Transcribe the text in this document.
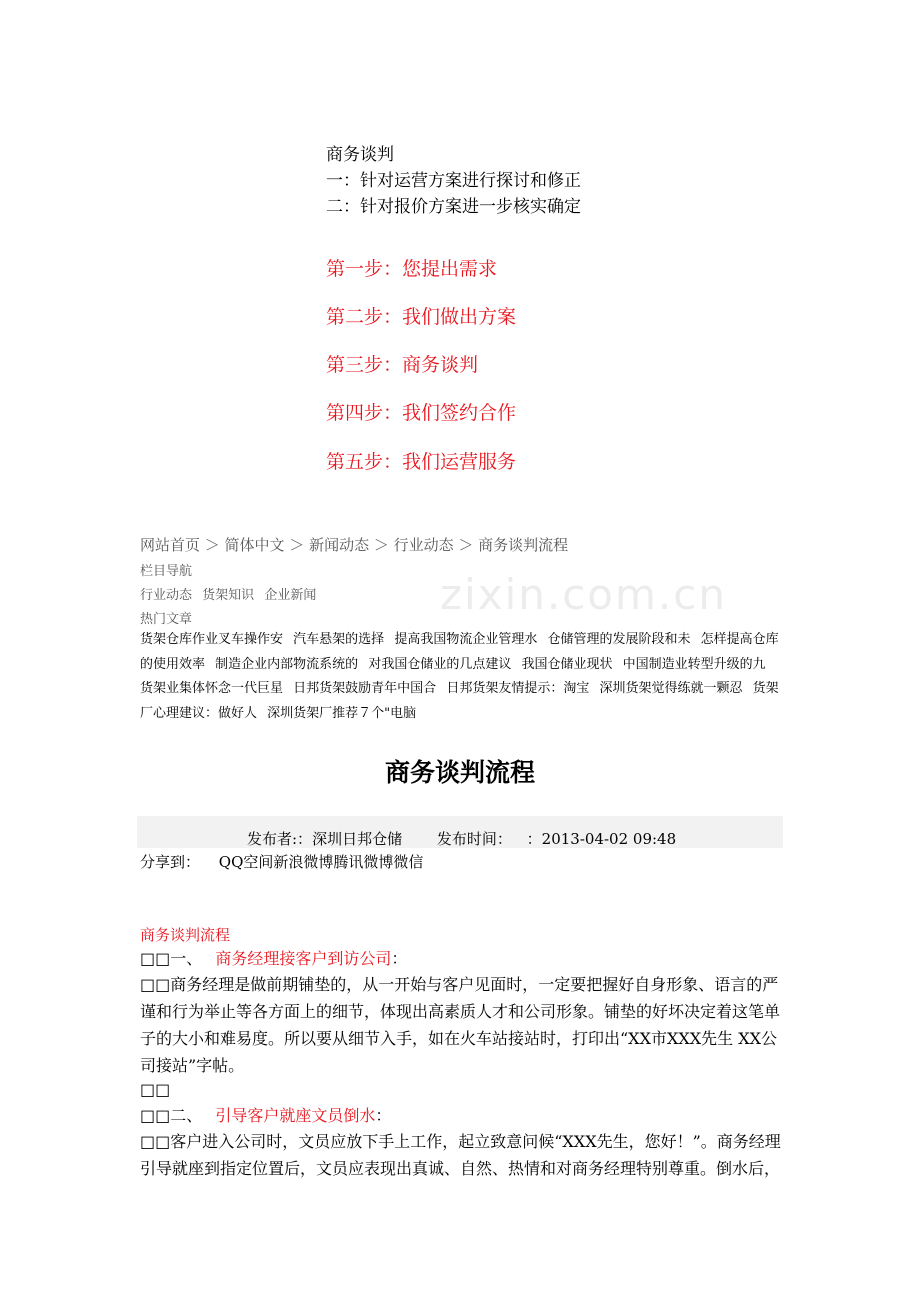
商务谈判
一：针对运营方案进行探讨和修正
二：针对报价方案进一步核实确定
第一步：您提出需求
第二步：我们做出方案
第三步：商务谈判
第四步：我们签约合作
第五步：我们运营服务
zixin.com.cn
网站首页 ＞ 简体中文 ＞ 新闻动态 ＞ 行业动态 ＞ 商务谈判流程
栏目导航
行业动态 货架知识 企业新闻
热门文章
货架仓库作业叉车操作安 汽车悬架的选择 提高我国物流企业管理水 仓储管理的发展阶段和未 怎样提高仓库的使用效率 制造企业内部物流系统的 对我国仓储业的几点建议 我国仓储业现状 中国制造业转型升级的九 货架业集体怀念一代巨星 日邦货架鼓励青年中国合 日邦货架友情提示：淘宝 深圳货架觉得练就一颗忍 货架厂心理建议：做好人 深圳货架厂推荐７个"电脑
商务谈判流程
发布者:：深圳日邦仓储 发布时间： ：2013-04-02 09:48
分享到： QQ空间新浪微博腾讯微博微信
商务谈判流程
□□一、 商务经理接客户到访公司：
□□商务经理是做前期铺垫的，从一开始与客户见面时，一定要把握好自身形象、语言的严谨和行为举止等各方面上的细节，体现出高素质人才和公司形象。铺垫的好坏决定着这笔单子的大小和难易度。所以要从细节入手，如在火车站接站时，打印出“XX市XXX先生 XX公司接站”字帖。
□□
□□二、 引导客户就座文员倒水：
□□客户进入公司时，文员应放下手上工作，起立致意问候“XXX先生，您好！”。商务经理引导就座到指定位置后，文员应表现出真诚、自然、热情和对商务经理特别尊重。倒水后，
